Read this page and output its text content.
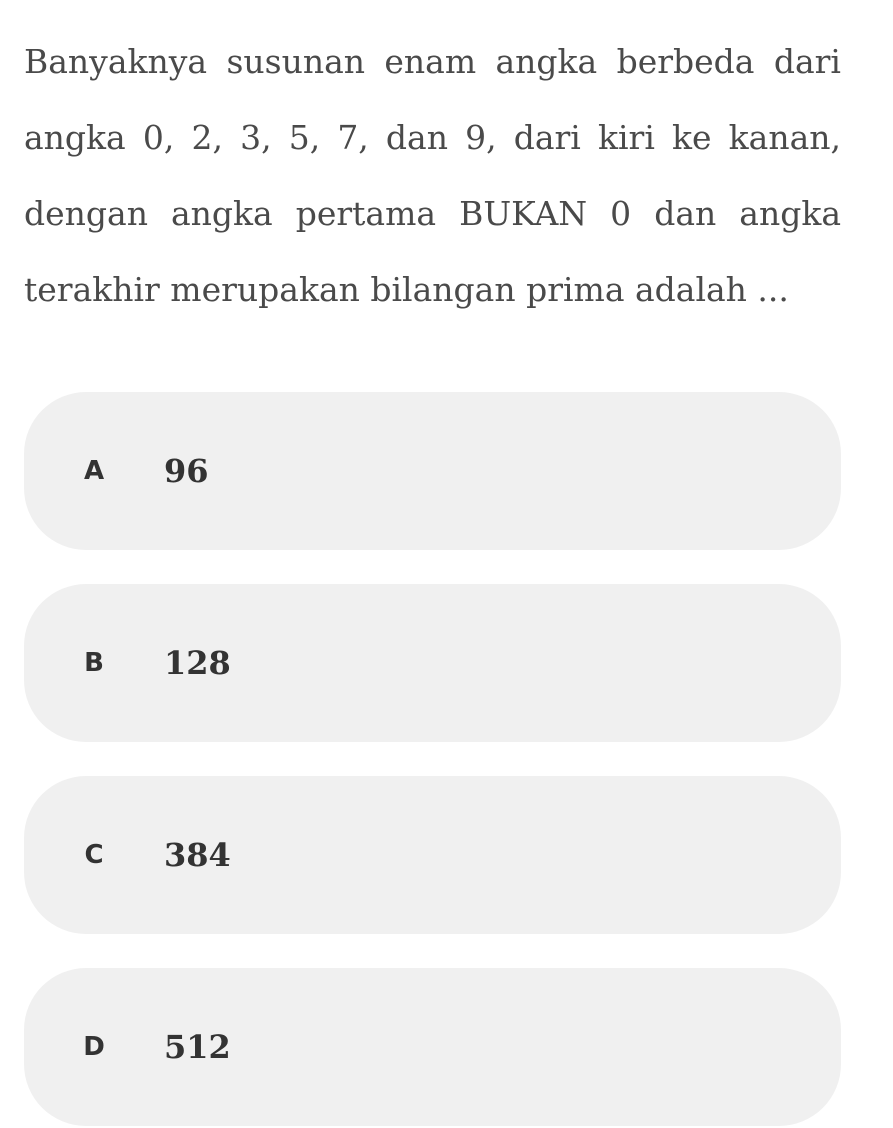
Banyaknya susunan enam angka berbeda dari angka 0, 2, 3, 5, 7, dan 9, dari kiri ke kanan, dengan angka pertama BUKAN 0 dan angka terakhir merupakan bilangan prima adalah ...

A	96
B	128
C	384
D	512
